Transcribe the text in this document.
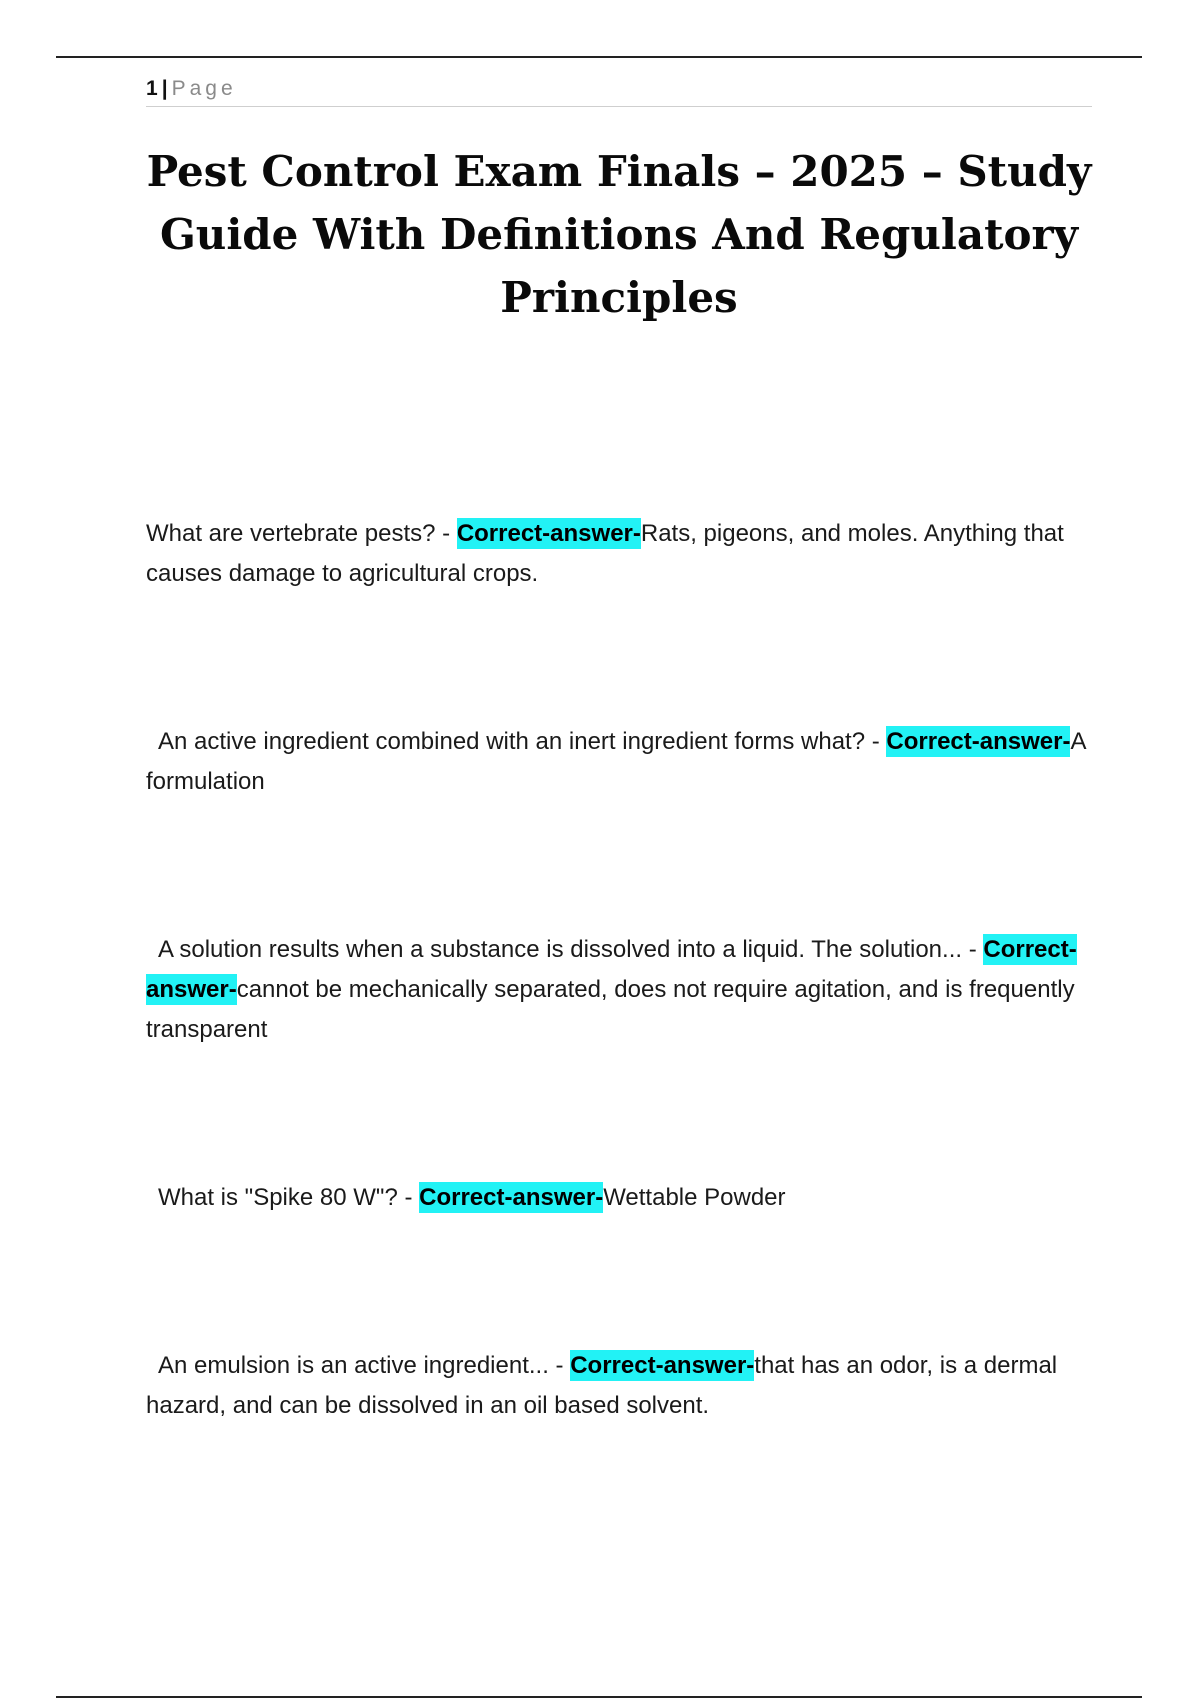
1 | Page
Pest Control Exam Finals – 2025 – Study Guide With Definitions And Regulatory Principles

What are vertebrate pests? - Correct-answer-Rats, pigeons, and moles. Anything that causes damage to agricultural crops.

An active ingredient combined with an inert ingredient forms what? - Correct-answer-A formulation

A solution results when a substance is dissolved into a liquid. The solution... - Correct-answer-cannot be mechanically separated, does not require agitation, and is frequently transparent

What is "Spike 80 W"? - Correct-answer-Wettable Powder

An emulsion is an active ingredient... - Correct-answer-that has an odor, is a dermal hazard, and can be dissolved in an oil based solvent.
